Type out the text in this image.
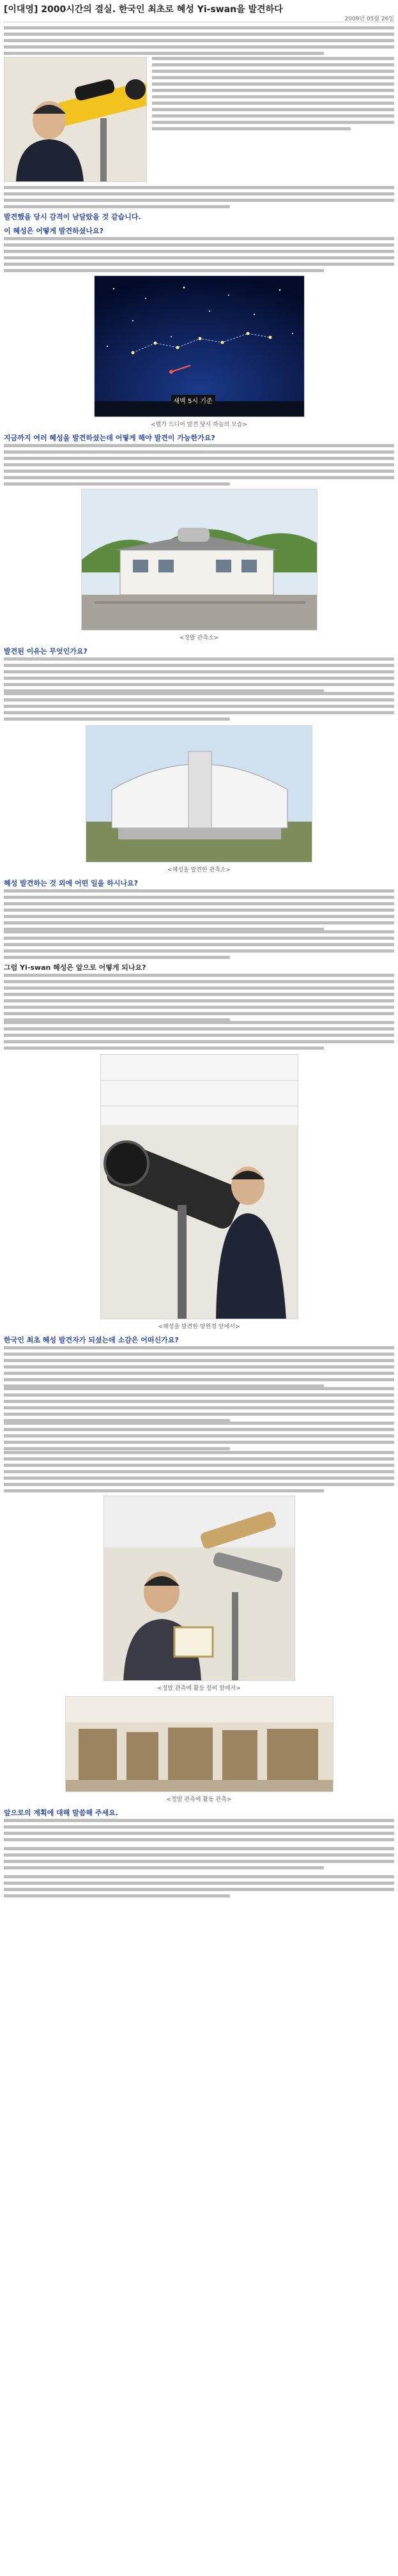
[이대영] 2000시간의 결실. 한국인 최초로 혜성 Yi-swan을 발견하다
2009년 05월 26일
발견했을 당시 감격이 남달랐을 것 같습니다.
이 혜성은 어떻게 발견하셨나요?
새벽 5시 기준
<별가 드디어 발견 당시 하늘의 모습>
지금까지 여러 혜성을 발견하셨는데 어떻게 해야 발견이 가능한가요?
<정발 관측소>
발견된 이유는 무엇인가요?
<혜성을 발견한 관측소>
혜성 발견하는 것 외에 어떤 일을 하시나요?
그럼 Yi-swan 혜성은 앞으로 어떻게 되나요?
<혜성을 발견한 망원경 앞에서>
한국인 최초 혜성 발견자가 되셨는데 소감은 어떠신가요?
<정발 관측에 활동 장비 앞에서>
<정발 관측에 활동 관측>
앞으로의 계획에 대해 말씀해 주세요.
